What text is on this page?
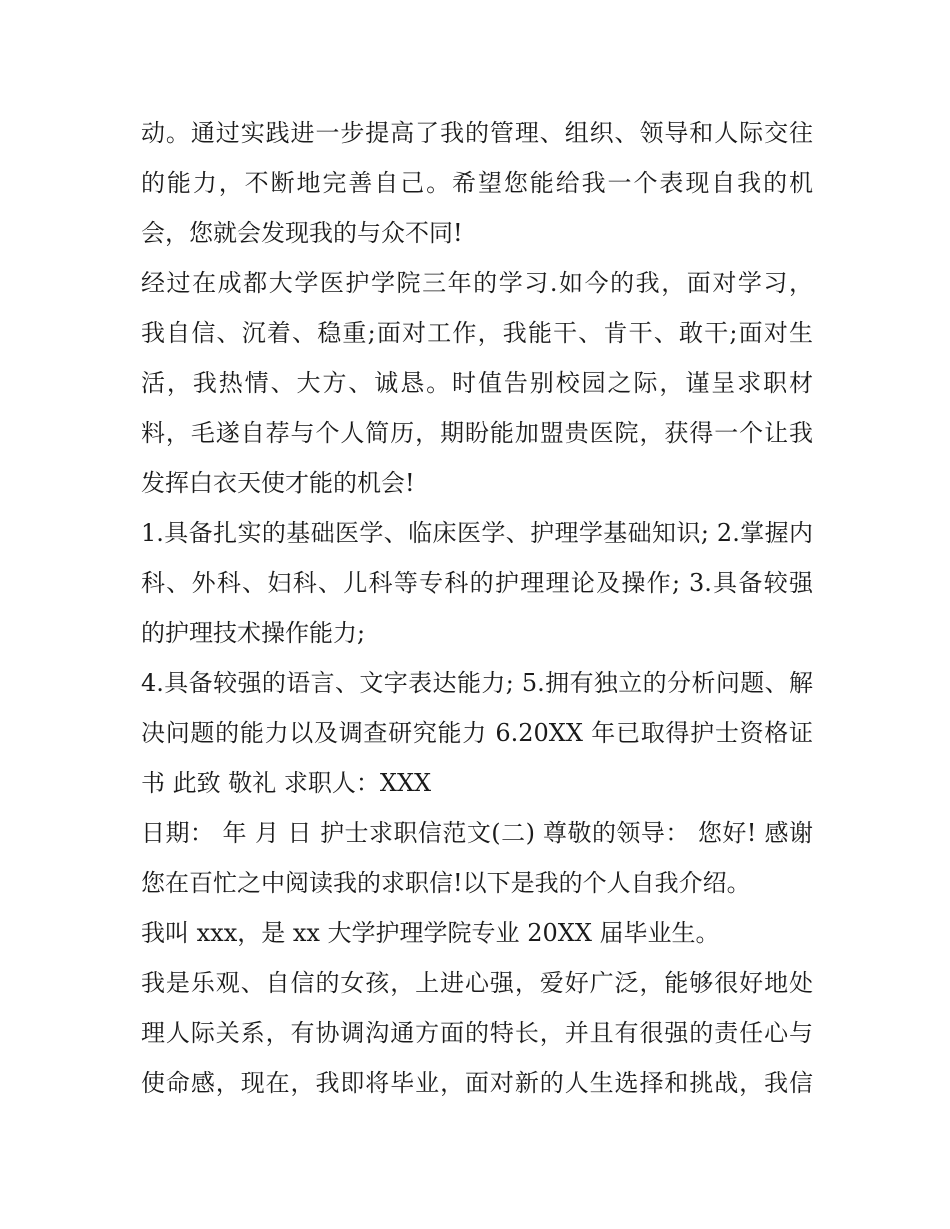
动。通过实践进一步提高了我的管理、组织、领导和人际交往
的能力，不断地完善自己。希望您能给我一个表现自我的机
会，您就会发现我的与众不同!
经过在成都大学医护学院三年的学习.如今的我，面对学习，
我自信、沉着、稳重;面对工作，我能干、肯干、敢干;面对生
活，我热情、大方、诚恳。时值告别校园之际，谨呈求职材
料，毛遂自荐与个人简历，期盼能加盟贵医院，获得一个让我
发挥白衣天使才能的机会!
1.具备扎实的基础医学、临床医学、护理学基础知识; 2.掌握内
科、外科、妇科、儿科等专科的护理理论及操作; 3.具备较强
的护理技术操作能力;
4.具备较强的语言、文字表达能力; 5.拥有独立的分析问题、解
决问题的能力以及调查研究能力 6.20XX 年已取得护士资格证
书 此致 敬礼 求职人：XXX
日期： 年 月 日 护士求职信范文(二) 尊敬的领导： 您好! 感谢
您在百忙之中阅读我的求职信!以下是我的个人自我介绍。
我叫 xxx，是 xx 大学护理学院专业 20XX 届毕业生。
我是乐观、自信的女孩，上进心强，爱好广泛，能够很好地处
理人际关系，有协调沟通方面的特长，并且有很强的责任心与
使命感，现在，我即将毕业，面对新的人生选择和挑战，我信
